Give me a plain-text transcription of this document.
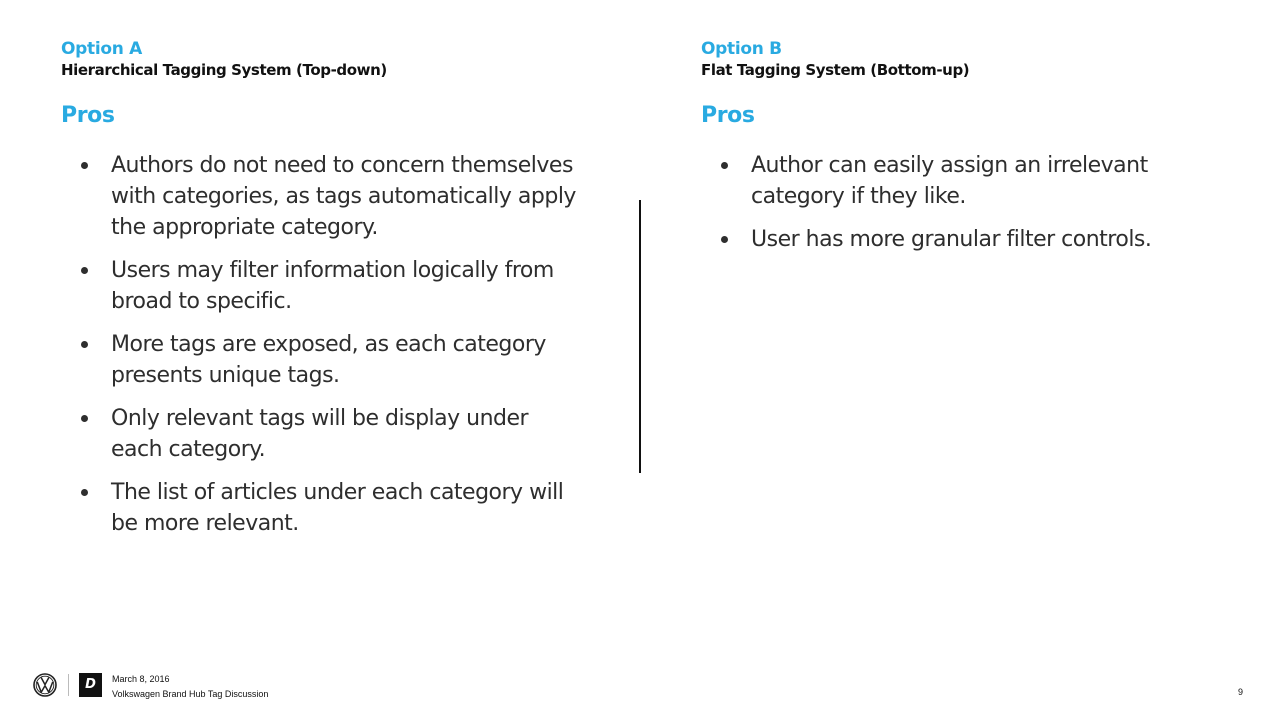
Option A
Hierarchical Tagging System (Top-down)
Pros
Authors do not need to concern themselves with categories, as tags automatically apply the appropriate category.
Users may filter information logically from broad to specific.
More tags are exposed, as each category presents unique tags.
Only relevant tags will be display under each category.
The list of articles under each category will be more relevant.
Option B
Flat Tagging System (Bottom-up)
Pros
Author can easily assign an irrelevant category if they like.
User has more granular filter controls.
D	March 8, 2016
Volkswagen Brand Hub Tag Discussion	9
